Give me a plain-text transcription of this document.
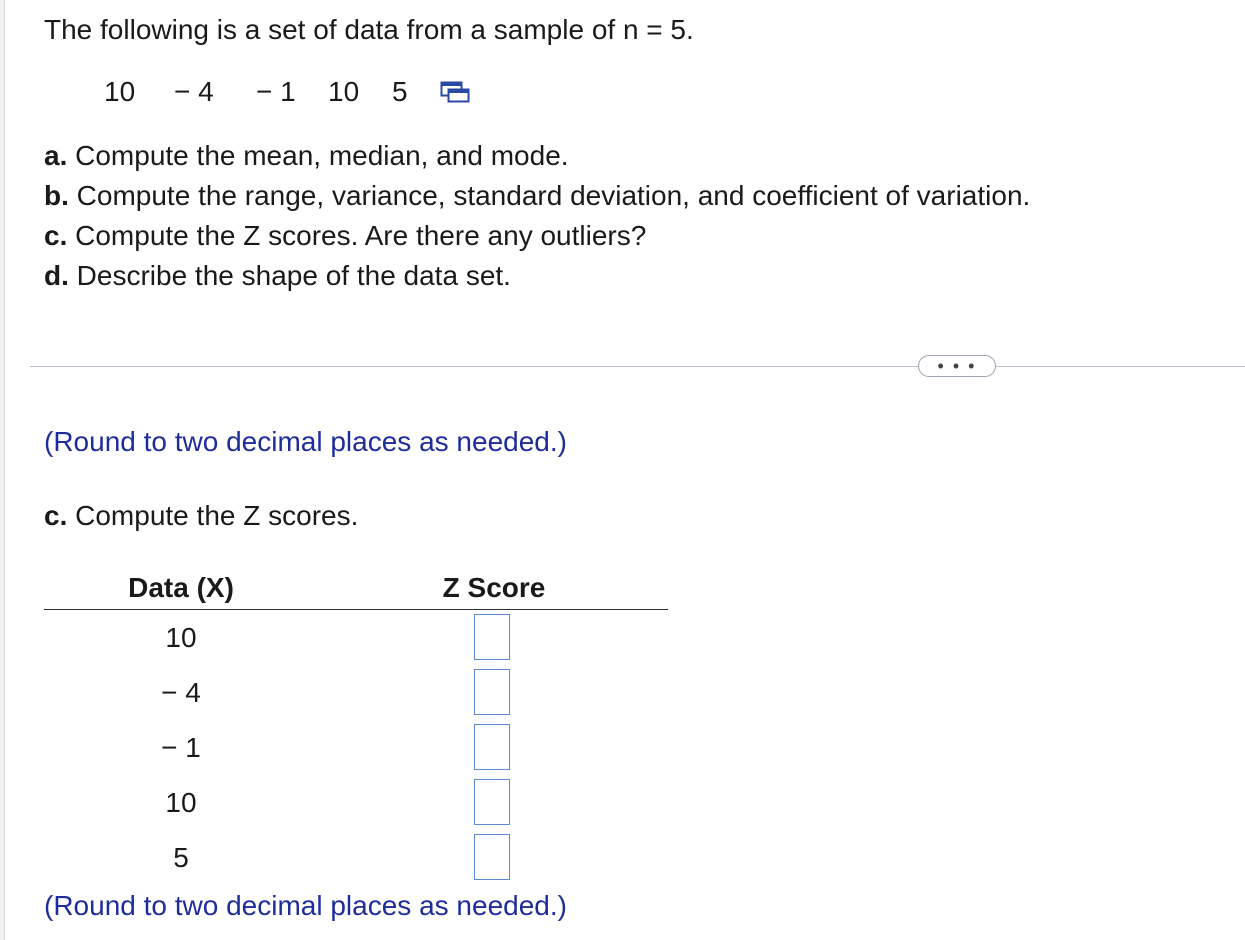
The following is a set of data from a sample of n = 5.
10 − 4 − 1 10 5
a. Compute the mean, median, and mode.
b. Compute the range, variance, standard deviation, and coefficient of variation.
c. Compute the Z scores. Are there any outliers?
d. Describe the shape of the data set.
• • •
(Round to two decimal places as needed.)
c. Compute the Z scores.
Data (X)	Z Score
10
− 4
− 1
10
5
(Round to two decimal places as needed.)
